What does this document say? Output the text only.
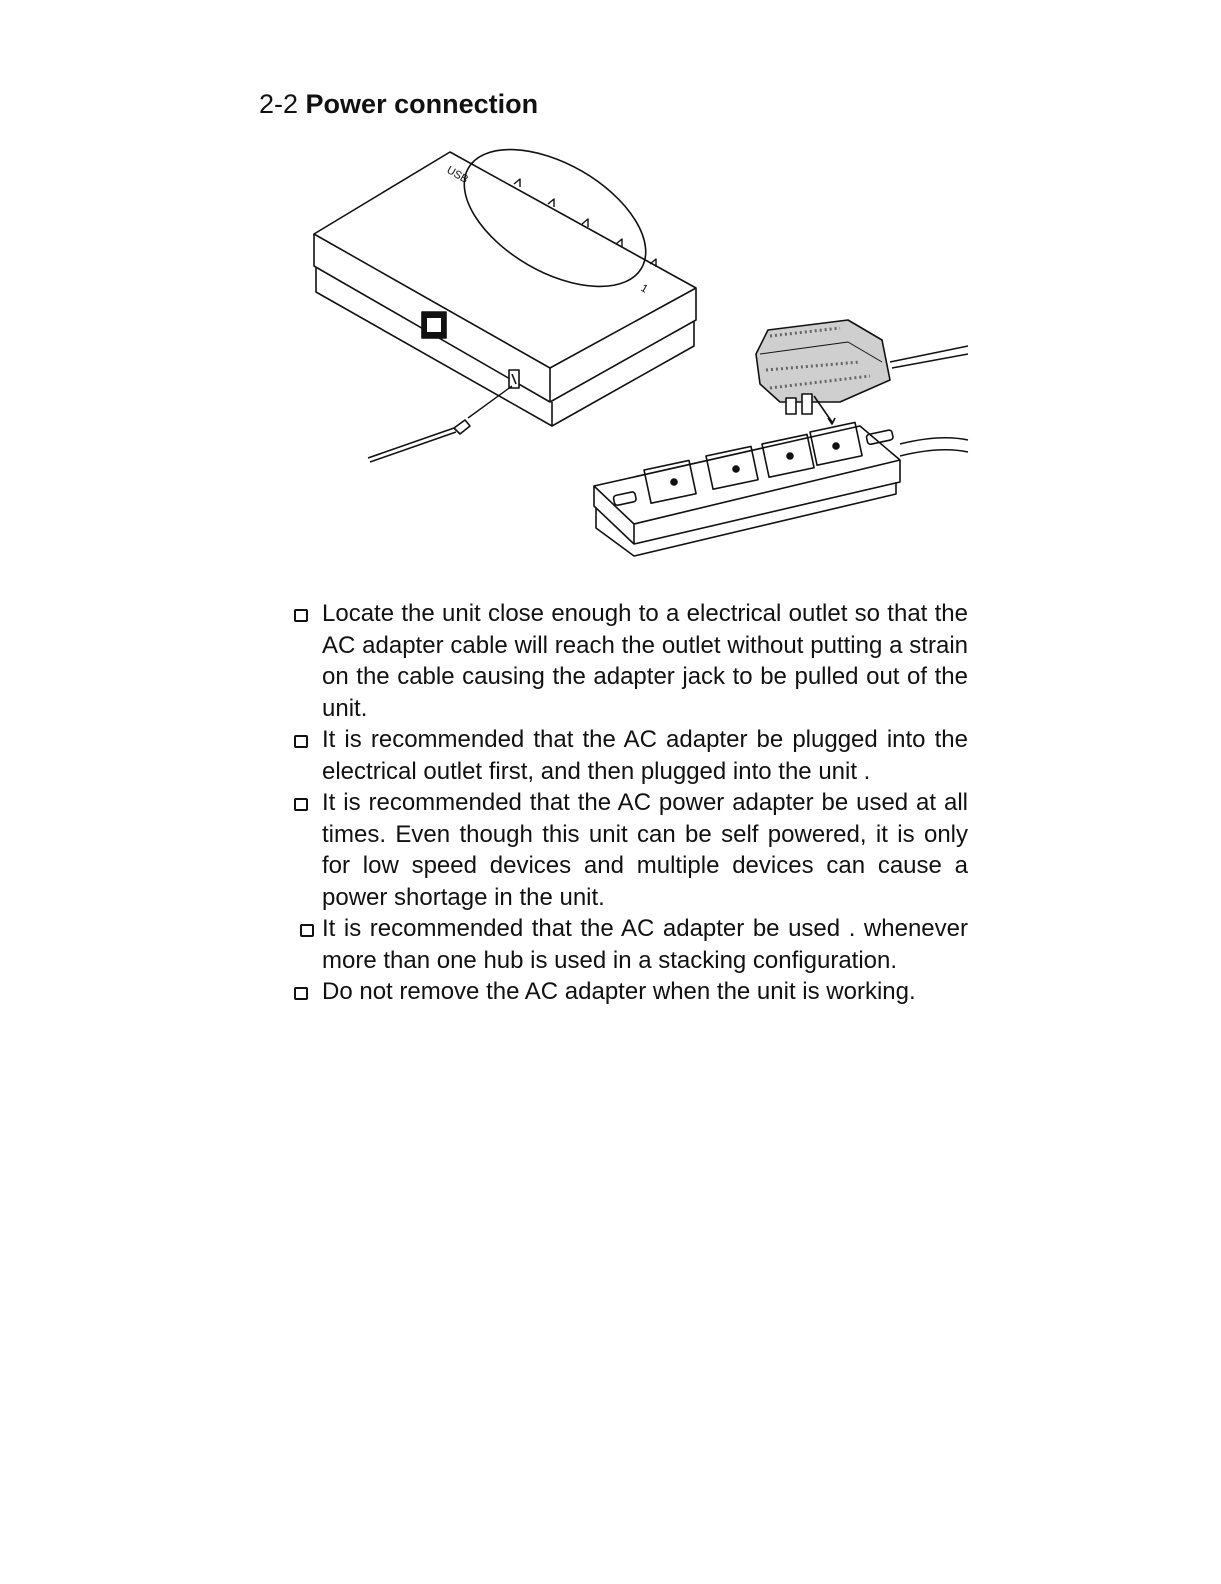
2-2 Power connection
USB
1
Locate the unit close enough to a electrical outlet so that the AC adapter cable will reach the outlet without putting a strain on the cable causing the adapter jack to be pulled out of the unit.
It is recommended that the AC adapter be plugged into the electrical outlet first, and then plugged into the unit .
It is recommended that the AC power adapter be used at all times. Even though this unit can be self powered, it is only for low speed devices and multiple devices can cause a power shortage in the unit.
It is recommended that the AC adapter be used . whenever more than one hub is used in a stacking configuration.
Do not remove the AC adapter when the unit is working.
